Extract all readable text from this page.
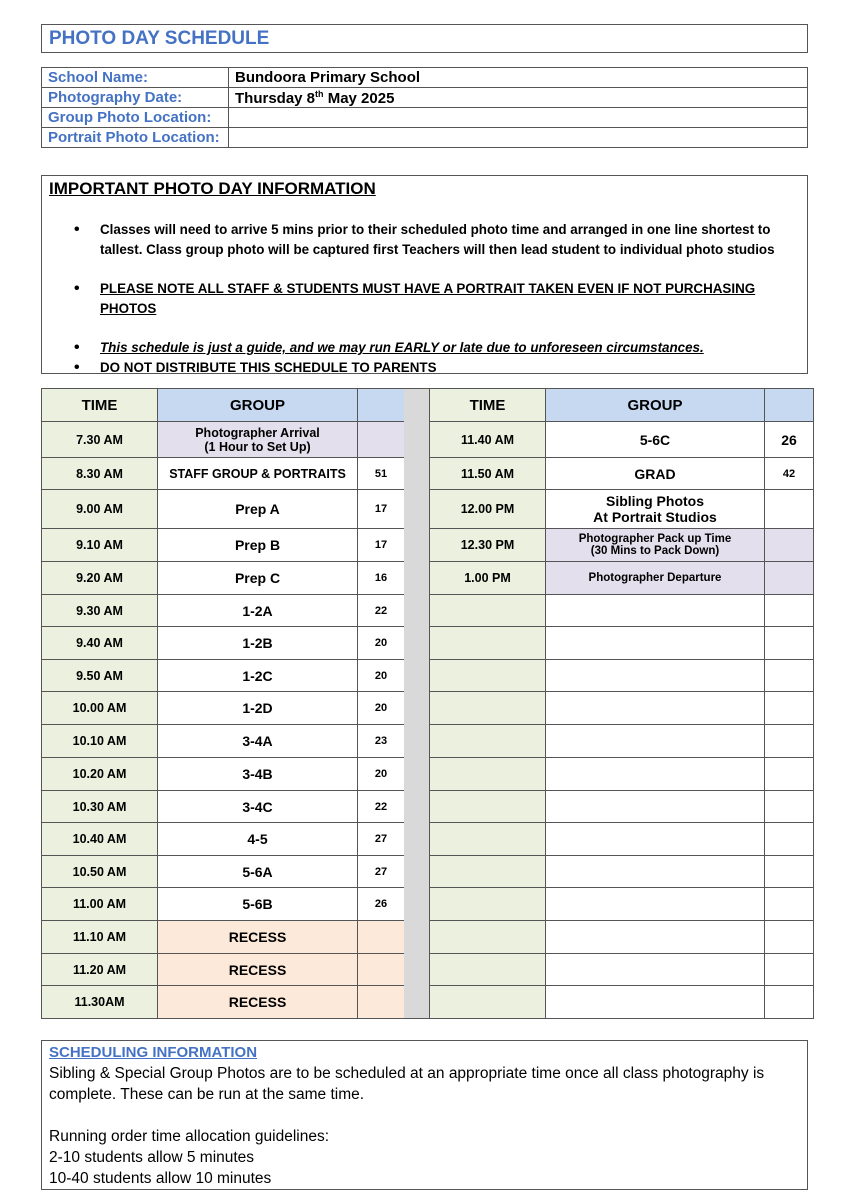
PHOTO DAY SCHEDULE
School Name:	Bundoora Primary School
Photography Date:	Thursday 8th May 2025
Group Photo Location:	
Portrait Photo Location:	
IMPORTANT PHOTO DAY INFORMATION
• Classes will need to arrive 5 mins prior to their scheduled photo time and arranged in one line shortest to tallest. Class group photo will be captured first Teachers will then lead student to individual photo studios
• PLEASE NOTE ALL STAFF & STUDENTS MUST HAVE A PORTRAIT TAKEN EVEN IF NOT PURCHASING PHOTOS
• This schedule is just a guide, and we may run EARLY or late due to unforeseen circumstances.
• DO NOT DISTRIBUTE THIS SCHEDULE TO PARENTS
TIME	GROUP	
7.30 AM	Photographer Arrival
(1 Hour to Set Up)	

8.30 AM	STAFF GROUP & PORTRAITS	51
9.00 AM	Prep A	17
9.10 AM	Prep B	17
9.20 AM	Prep C	16
9.30 AM	1-2A	22
9.40 AM	1-2B	20
9.50 AM	1-2C	20
10.00 AM	1-2D	20
10.10 AM	3-4A	23
10.20 AM	3-4B	20
10.30 AM	3-4C	22
10.40 AM	4-5	27
10.50 AM	5-6A	27
11.00 AM	5-6B	26
11.10 AM	RECESS	
11.20 AM	RECESS	
11.30AM	RECESS	
TIME	GROUP	
11.40 AM	5-6C	26
11.50 AM	GRAD	42
12.00 PM	Sibling Photos
At Portrait Studios	

12.30 PM	Photographer Pack up Time
(30 Mins to Pack Down)	

1.00 PM	Photographer Departure	

SCHEDULING INFORMATION
Sibling & Special Group Photos are to be scheduled at an appropriate time once all class photography is complete. These can be run at the same time.
Running order time allocation guidelines:
2-10 students allow 5 minutes
10-40 students allow 10 minutes
